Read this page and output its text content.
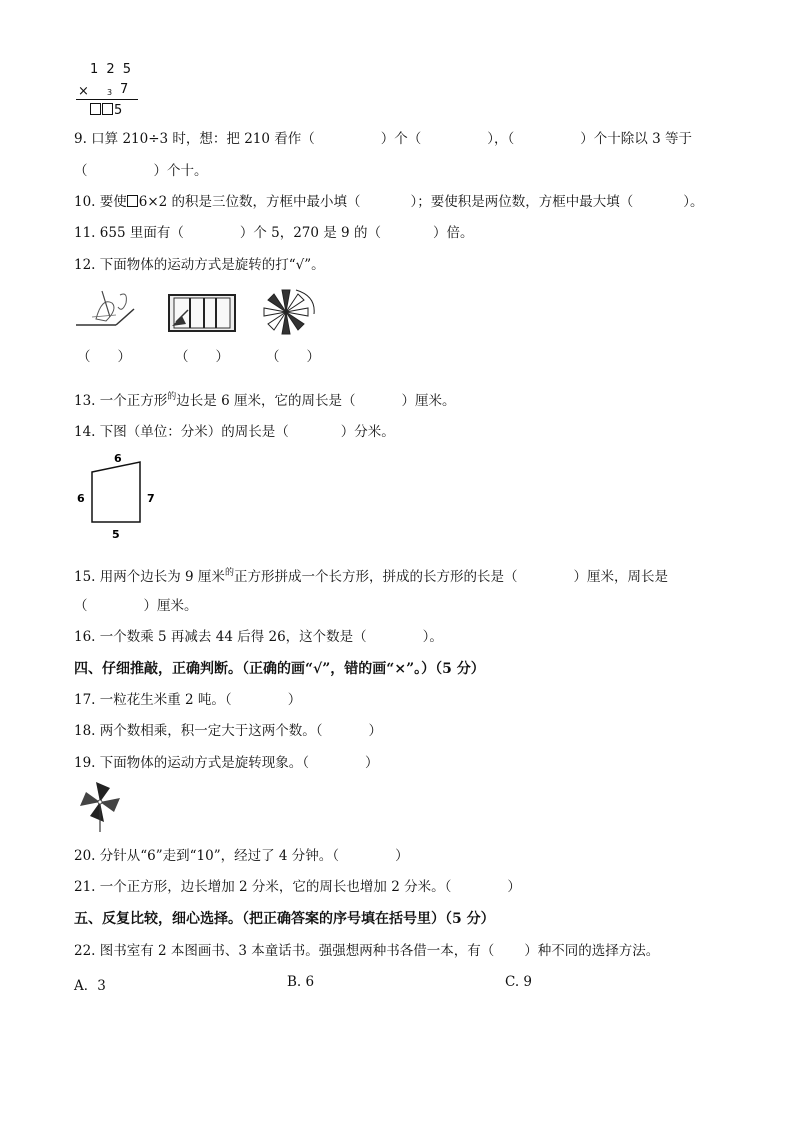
1 2 5
× 3 7
5
9. 口算 210÷3 时，想：把 210 看作（	）个（	），（	）个十除以 3 等于
（	）个十。
10. 要使 6×2 的积是三位数，方框中最小填（	）；要使积是两位数，方框中最大填（	）。
11. 655 里面有（	）个 5，270 是 9 的（	）倍。
12. 下面物体的运动方式是旋转的打“√”。
（　　）	（　　）	（　　）
13. 一个正方形$^的$边长是 6 厘米，它的周长是（	）厘米。
14. 下图（单位：分米）的周长是（	）分米。
6
6	7
5
15. 用两个边长为 9 厘米$^的$正方形拼成一个长方形，拼成的长方形的长是（	）厘米，周长是
（	）厘米。
16. 一个数乘 5 再减去 44 后得 26，这个数是（	）。
四、仔细推敲，正确判断。（正确的画“√”，错的画“×”。）（5 分）
17. 一粒花生米重 2 吨。（	）
18. 两个数相乘，积一定大于这两个数。（	）
19. 下面物体的运动方式是旋转现象。（	）
20. 分针从“6”走到“10”，经过了 4 分钟。（	）
21. 一个正方形，边长增加 2 分米，它的周长也增加 2 分米。（	）
五、反复比较，细心选择。（把正确答案的序号填在括号里）（5 分）
22. 图书室有 2 本图画书、3 本童话书。强强想两种书各借一本，有（ ）种不同的选择方法。
A．3	B. 6	C. 9
